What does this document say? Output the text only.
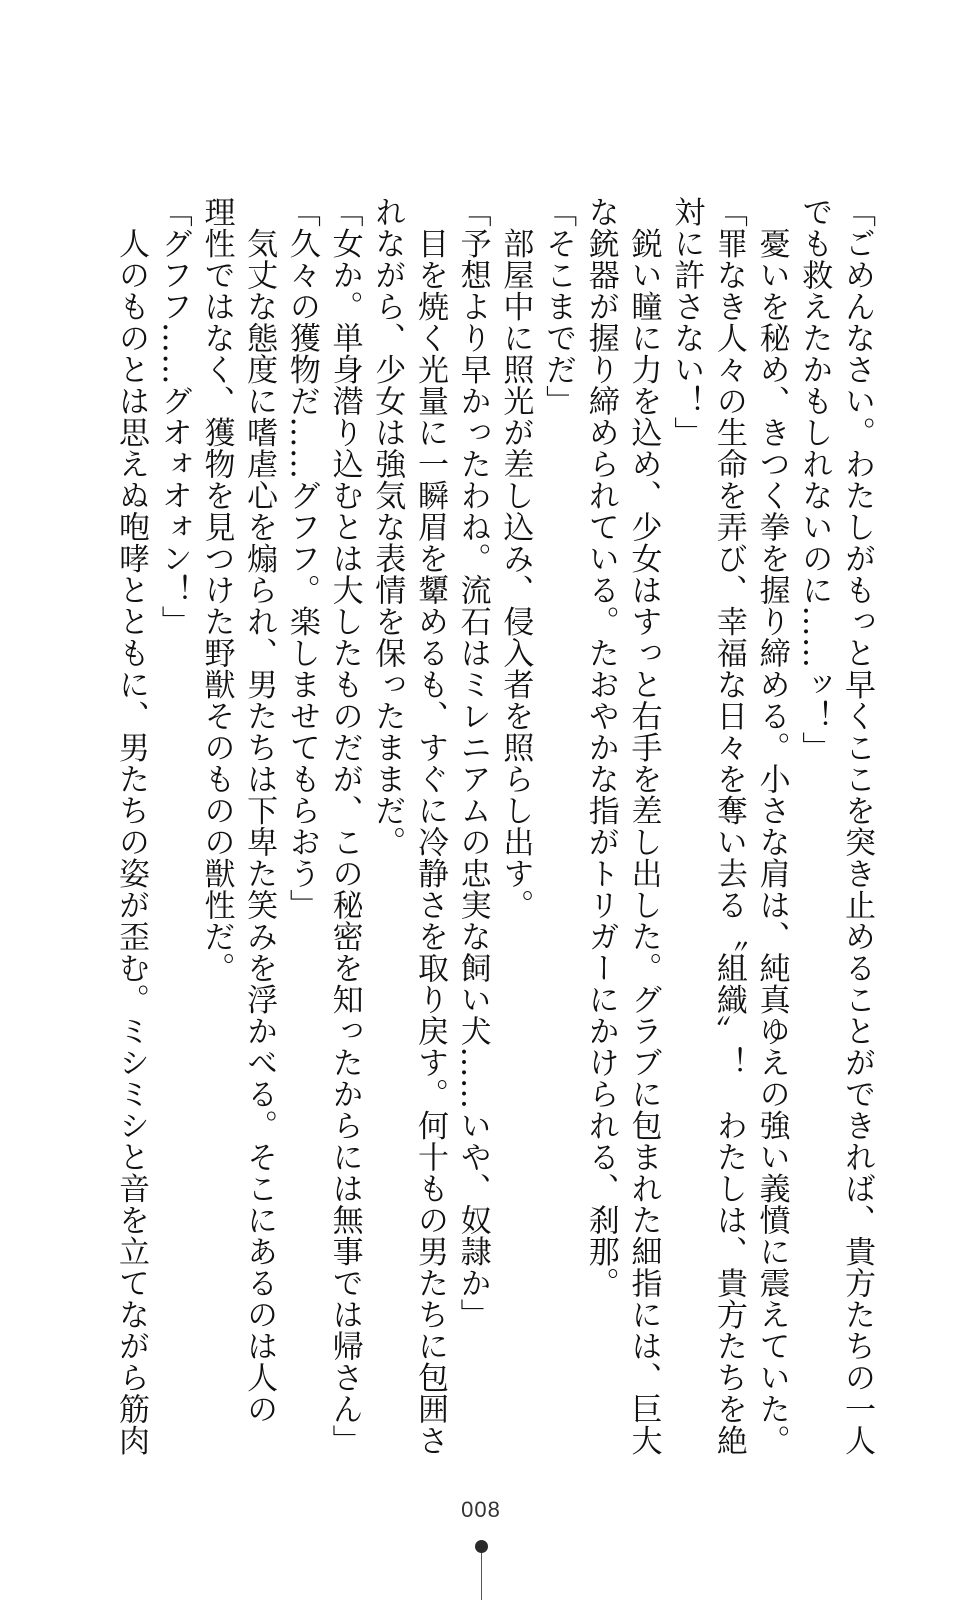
「ごめんなさい。わたしがもっと早くここを突き止めることができれば、貴方たちの一人
でも救えたかもしれないのに……ッ！」
　憂いを秘め、きつく拳を握り締める。小さな肩は、純真ゆえの強い義憤に震えていた。
「罪なき人々の生命を弄び、幸福な日々を奪い去る〝組織〟！　わたしは、貴方たちを絶
対に許さない！」
　鋭い瞳に力を込め、少女はすっと右手を差し出した。グラブに包まれた細指には、巨大
な銃器が握り締められている。たおやかな指がトリガーにかけられる、刹那。
「そこまでだ」
　部屋中に照光が差し込み、侵入者を照らし出す。
「予想より早かったわね。流石はミレニアムの忠実な飼い犬……いや、奴隷か」
　目を焼く光量に一瞬眉を顰めるも、すぐに冷静さを取り戻す。何十もの男たちに包囲さ
れながら、少女は強気な表情を保ったままだ。
「女か。単身潜り込むとは大したものだが、この秘密を知ったからには無事では帰さん」
「久々の獲物だ……グフフ。楽しませてもらおう」
　気丈な態度に嗜虐心を煽られ、男たちは下卑た笑みを浮かべる。そこにあるのは人の
理性ではなく、獲物を見つけた野獣そのものの獣性だ。
「グフフ……グオォオォン！」
　人のものとは思えぬ咆哮とともに、男たちの姿が歪む。ミシミシと音を立てながら筋肉
008
